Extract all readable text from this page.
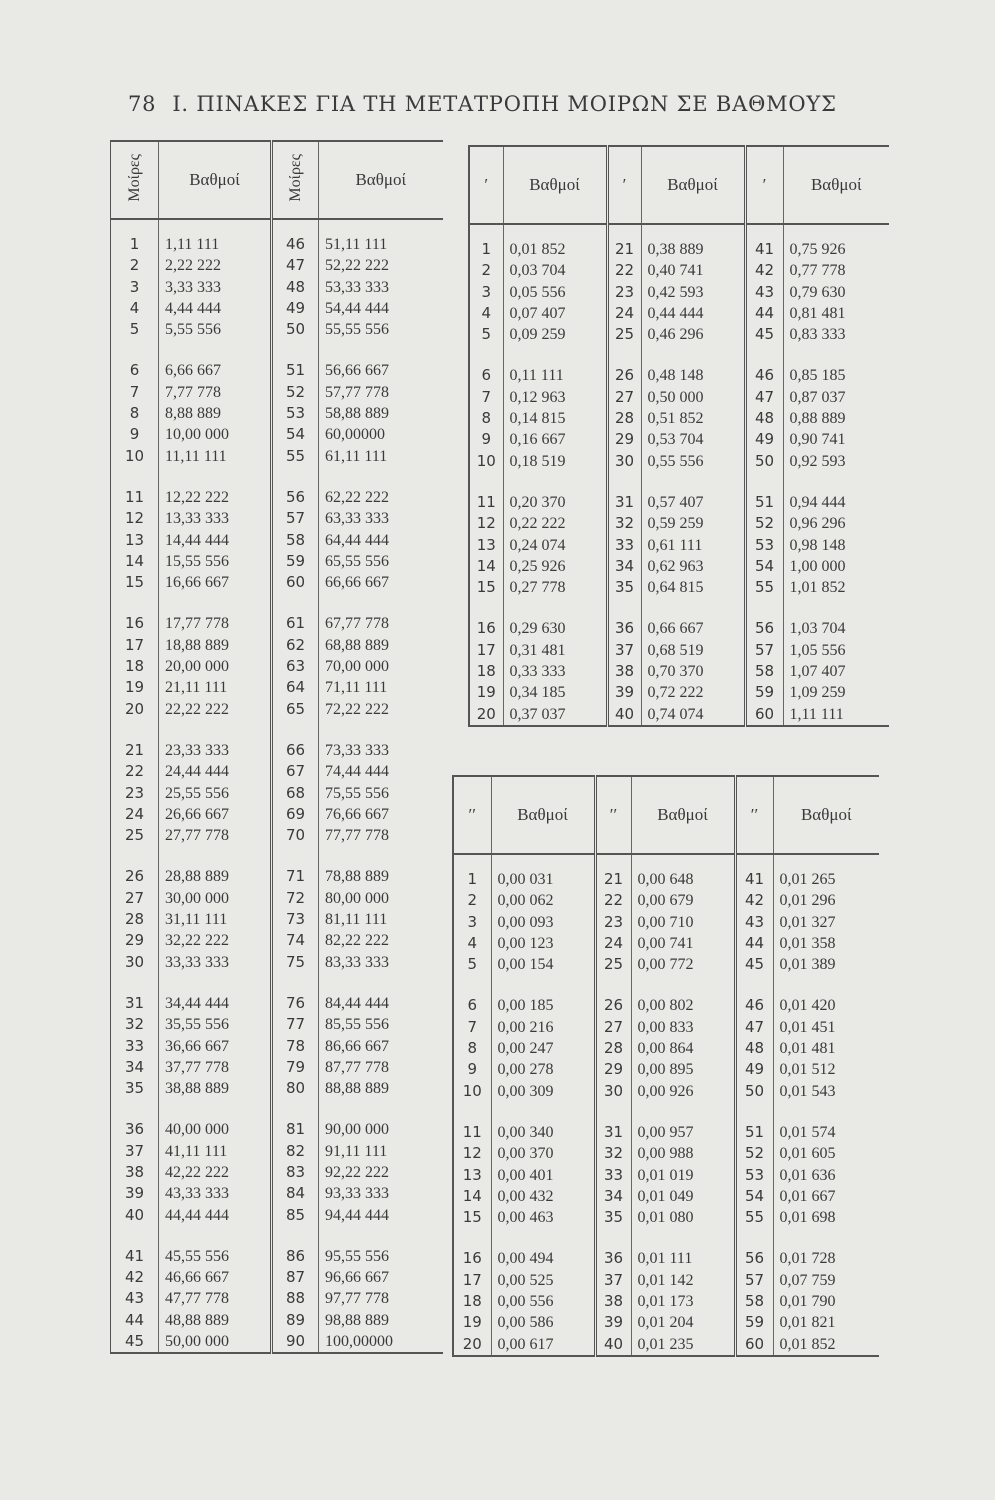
78 Ι. ΠΙΝΑΚΕΣ ΓΙΑ ΤΗ ΜΕΤΑΤΡΟΠΗ ΜΟΙΡΩΝ ΣΕ ΒΑΘΜΟΥΣ
Μοίρες	Βαθμοί	Μοίρες	Βαθμοί
1	1,11 111	46	51,11 111
2	2,22 222	47	52,22 222
3	3,33 333	48	53,33 333
4	4,44 444	49	54,44 444
5	5,55 556	50	55,55 556
6	6,66 667	51	56,66 667
7	7,77 778	52	57,77 778
8	8,88 889	53	58,88 889
9	10,00 000	54	60,00000
10	11,11 111	55	61,11 111
11	12,22 222	56	62,22 222
12	13,33 333	57	63,33 333
13	14,44 444	58	64,44 444
14	15,55 556	59	65,55 556
15	16,66 667	60	66,66 667
16	17,77 778	61	67,77 778
17	18,88 889	62	68,88 889
18	20,00 000	63	70,00 000
19	21,11 111	64	71,11 111
20	22,22 222	65	72,22 222
21	23,33 333	66	73,33 333
22	24,44 444	67	74,44 444
23	25,55 556	68	75,55 556
24	26,66 667	69	76,66 667
25	27,77 778	70	77,77 778
26	28,88 889	71	78,88 889
27	30,00 000	72	80,00 000
28	31,11 111	73	81,11 111
29	32,22 222	74	82,22 222
30	33,33 333	75	83,33 333
31	34,44 444	76	84,44 444
32	35,55 556	77	85,55 556
33	36,66 667	78	86,66 667
34	37,77 778	79	87,77 778
35	38,88 889	80	88,88 889
36	40,00 000	81	90,00 000
37	41,11 111	82	91,11 111
38	42,22 222	83	92,22 222
39	43,33 333	84	93,33 333
40	44,44 444	85	94,44 444
41	45,55 556	86	95,55 556
42	46,66 667	87	96,66 667
43	47,77 778	88	97,77 778
44	48,88 889	89	98,88 889
45	50,00 000	90	100,00000
′	Βαθμοί	′	Βαθμοί	′	Βαθμοί
1	0,01 852	21	0,38 889	41	0,75 926
2	0,03 704	22	0,40 741	42	0,77 778
3	0,05 556	23	0,42 593	43	0,79 630
4	0,07 407	24	0,44 444	44	0,81 481
5	0,09 259	25	0,46 296	45	0,83 333
6	0,11 111	26	0,48 148	46	0,85 185
7	0,12 963	27	0,50 000	47	0,87 037
8	0,14 815	28	0,51 852	48	0,88 889
9	0,16 667	29	0,53 704	49	0,90 741
10	0,18 519	30	0,55 556	50	0,92 593
11	0,20 370	31	0,57 407	51	0,94 444
12	0,22 222	32	0,59 259	52	0,96 296
13	0,24 074	33	0,61 111	53	0,98 148
14	0,25 926	34	0,62 963	54	1,00 000
15	0,27 778	35	0,64 815	55	1,01 852
16	0,29 630	36	0,66 667	56	1,03 704
17	0,31 481	37	0,68 519	57	1,05 556
18	0,33 333	38	0,70 370	58	1,07 407
19	0,34 185	39	0,72 222	59	1,09 259
20	0,37 037	40	0,74 074	60	1,11 111
′′	Βαθμοί	′′	Βαθμοί	′′	Βαθμοί
1	0,00 031	21	0,00 648	41	0,01 265
2	0,00 062	22	0,00 679	42	0,01 296
3	0,00 093	23	0,00 710	43	0,01 327
4	0,00 123	24	0,00 741	44	0,01 358
5	0,00 154	25	0,00 772	45	0,01 389
6	0,00 185	26	0,00 802	46	0,01 420
7	0,00 216	27	0,00 833	47	0,01 451
8	0,00 247	28	0,00 864	48	0,01 481
9	0,00 278	29	0,00 895	49	0,01 512
10	0,00 309	30	0,00 926	50	0,01 543
11	0,00 340	31	0,00 957	51	0,01 574
12	0,00 370	32	0,00 988	52	0,01 605
13	0,00 401	33	0,01 019	53	0,01 636
14	0,00 432	34	0,01 049	54	0,01 667
15	0,00 463	35	0,01 080	55	0,01 698
16	0,00 494	36	0,01 111	56	0,01 728
17	0,00 525	37	0,01 142	57	0,07 759
18	0,00 556	38	0,01 173	58	0,01 790
19	0,00 586	39	0,01 204	59	0,01 821
20	0,00 617	40	0,01 235	60	0,01 852
